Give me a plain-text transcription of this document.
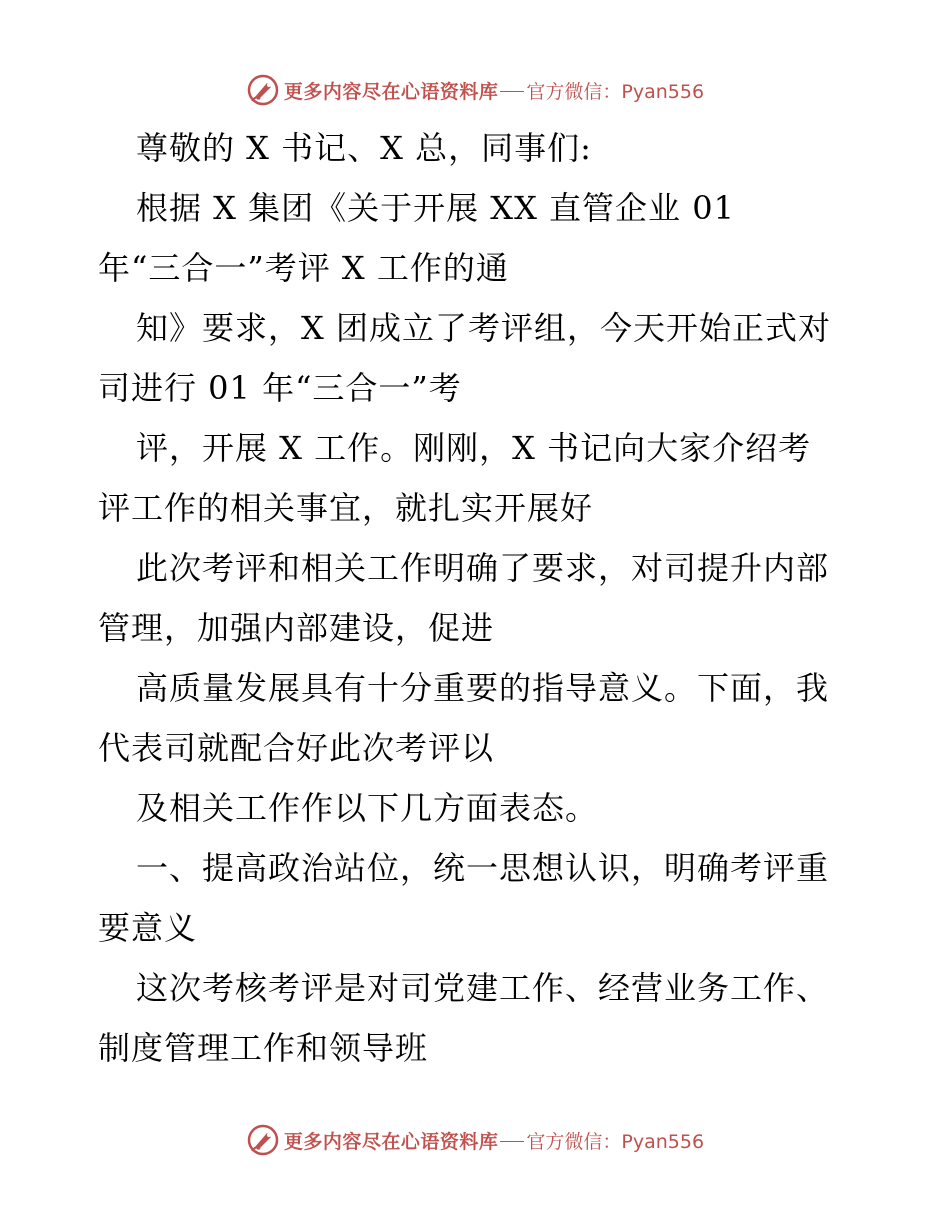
更多内容尽在心语资料库 官方微信：Pyan556
尊敬的 X 书记、X 总，同事们:
根据 X 集团《关于开展 XX 直管企业 01
年“三合一”考评 X 工作的通
知》要求，X 团成立了考评组，今天开始正式对
司进行 01 年“三合一”考
评，开展 X 工作。刚刚，X 书记向大家介绍考
评工作的相关事宜，就扎实开展好
此次考评和相关工作明确了要求，对司提升内部
管理，加强内部建设，促进
高质量发展具有十分重要的指导意义。下面，我
代表司就配合好此次考评以
及相关工作作以下几方面表态。
一、提高政治站位，统一思想认识，明确考评重
要意义
这次考核考评是对司党建工作、经营业务工作、
制度管理工作和领导班
更多内容尽在心语资料库 官方微信：Pyan556
